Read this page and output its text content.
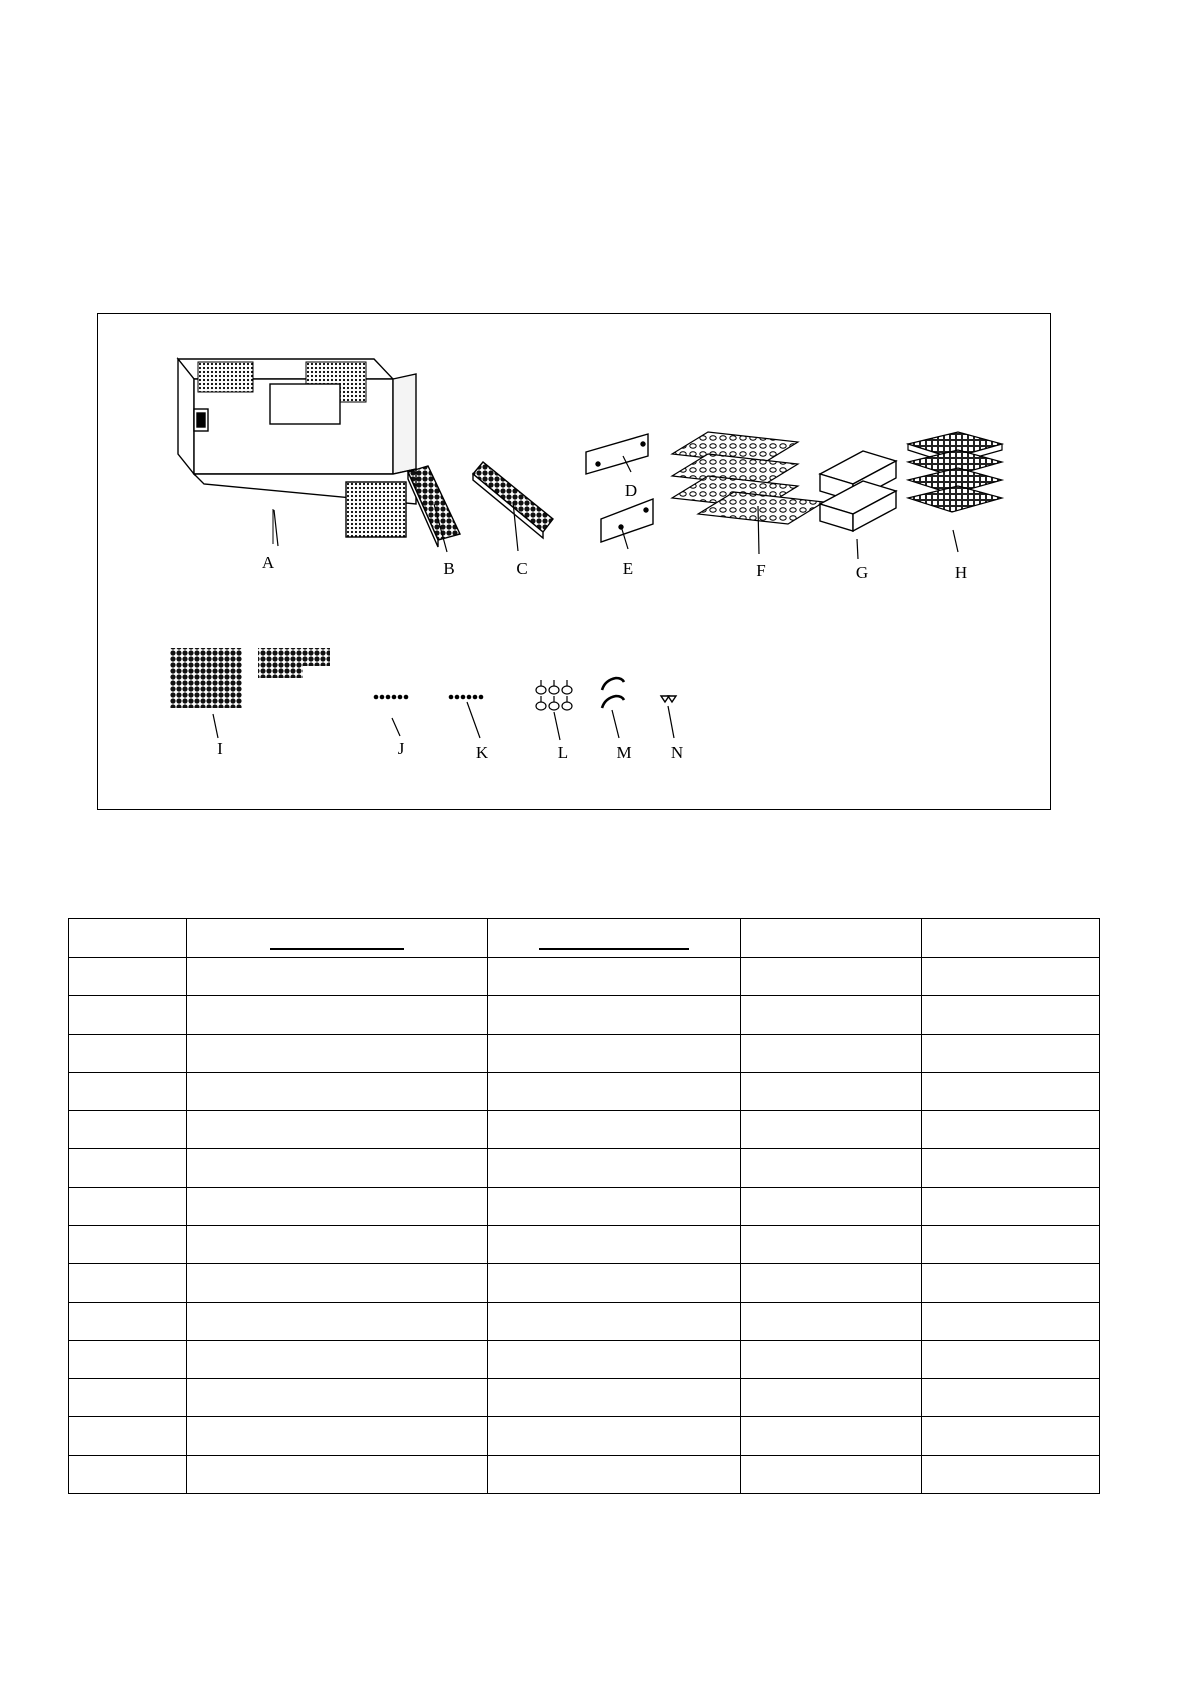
A	B	C
D
E	F	G	H
I	J	K	L	M N
